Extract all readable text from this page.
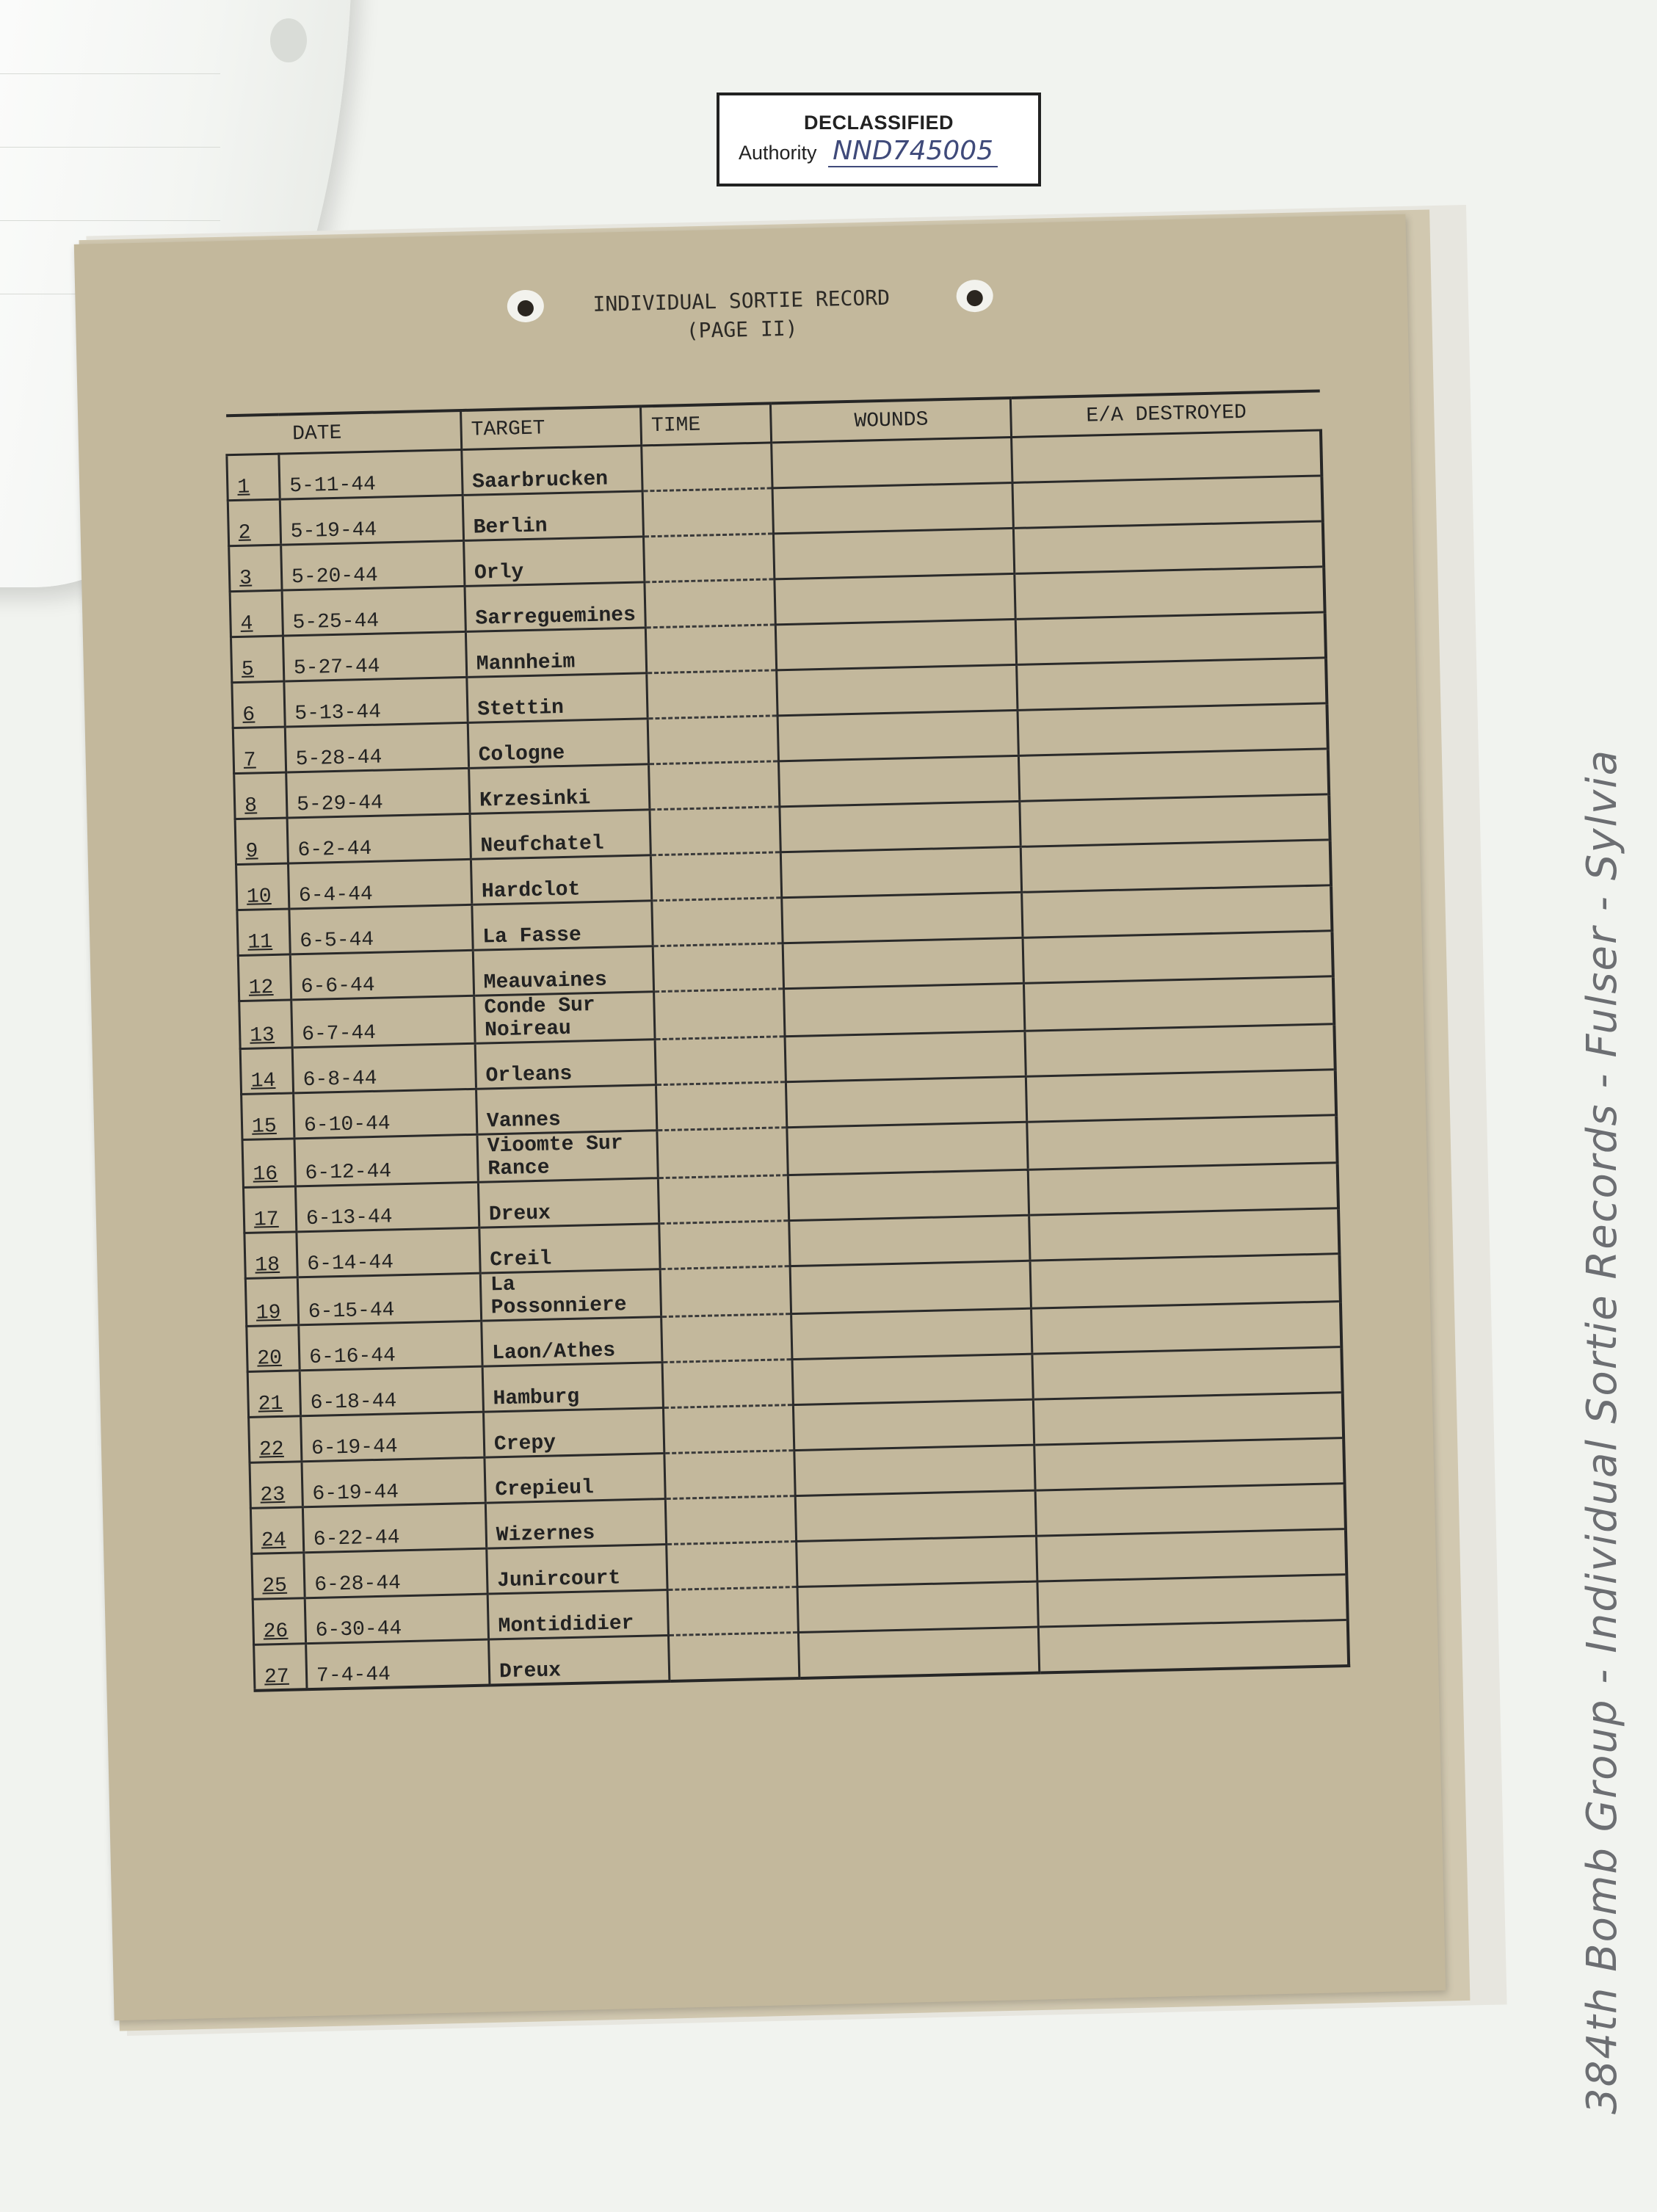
DECLASSIFIED
Authority NND745005
INDIVIDUAL SORTIE RECORD
(PAGE II)
DATE		TARGET	TIME	WOUNDS	E/A DESTROYED
1	5-11-44	Saarbrucken			
2	5-19-44	Berlin			
3	5-20-44	Orly			
4	5-25-44	Sarreguemines			
5	5-27-44	Mannheim			
6	5-13-44	Stettin			
7	5-28-44	Cologne			
8	5-29-44	Krzesinki			
9	6-2-44	Neufchatel			
10	6-4-44	Hardclot			
11	6-5-44	La Fasse			
12	6-6-44	Meauvaines			
13	6-7-44	Conde Sur Noireau			
14	6-8-44	Orleans			
15	6-10-44	Vannes			
16	6-12-44	Vioomte Sur Rance			
17	6-13-44	Dreux			
18	6-14-44	Creil			
19	6-15-44	La Possonniere			
20	6-16-44	Laon/Athes			
21	6-18-44	Hamburg			
22	6-19-44	Crepy			
23	6-19-44	Crepieul			
24	6-22-44	Wizernes			
25	6-28-44	Junircourt			
26	6-30-44	Montididier			
27	7-4-44	Dreux				384th Bomb Group - Individual Sortie Records - Fulser - Sylvia
